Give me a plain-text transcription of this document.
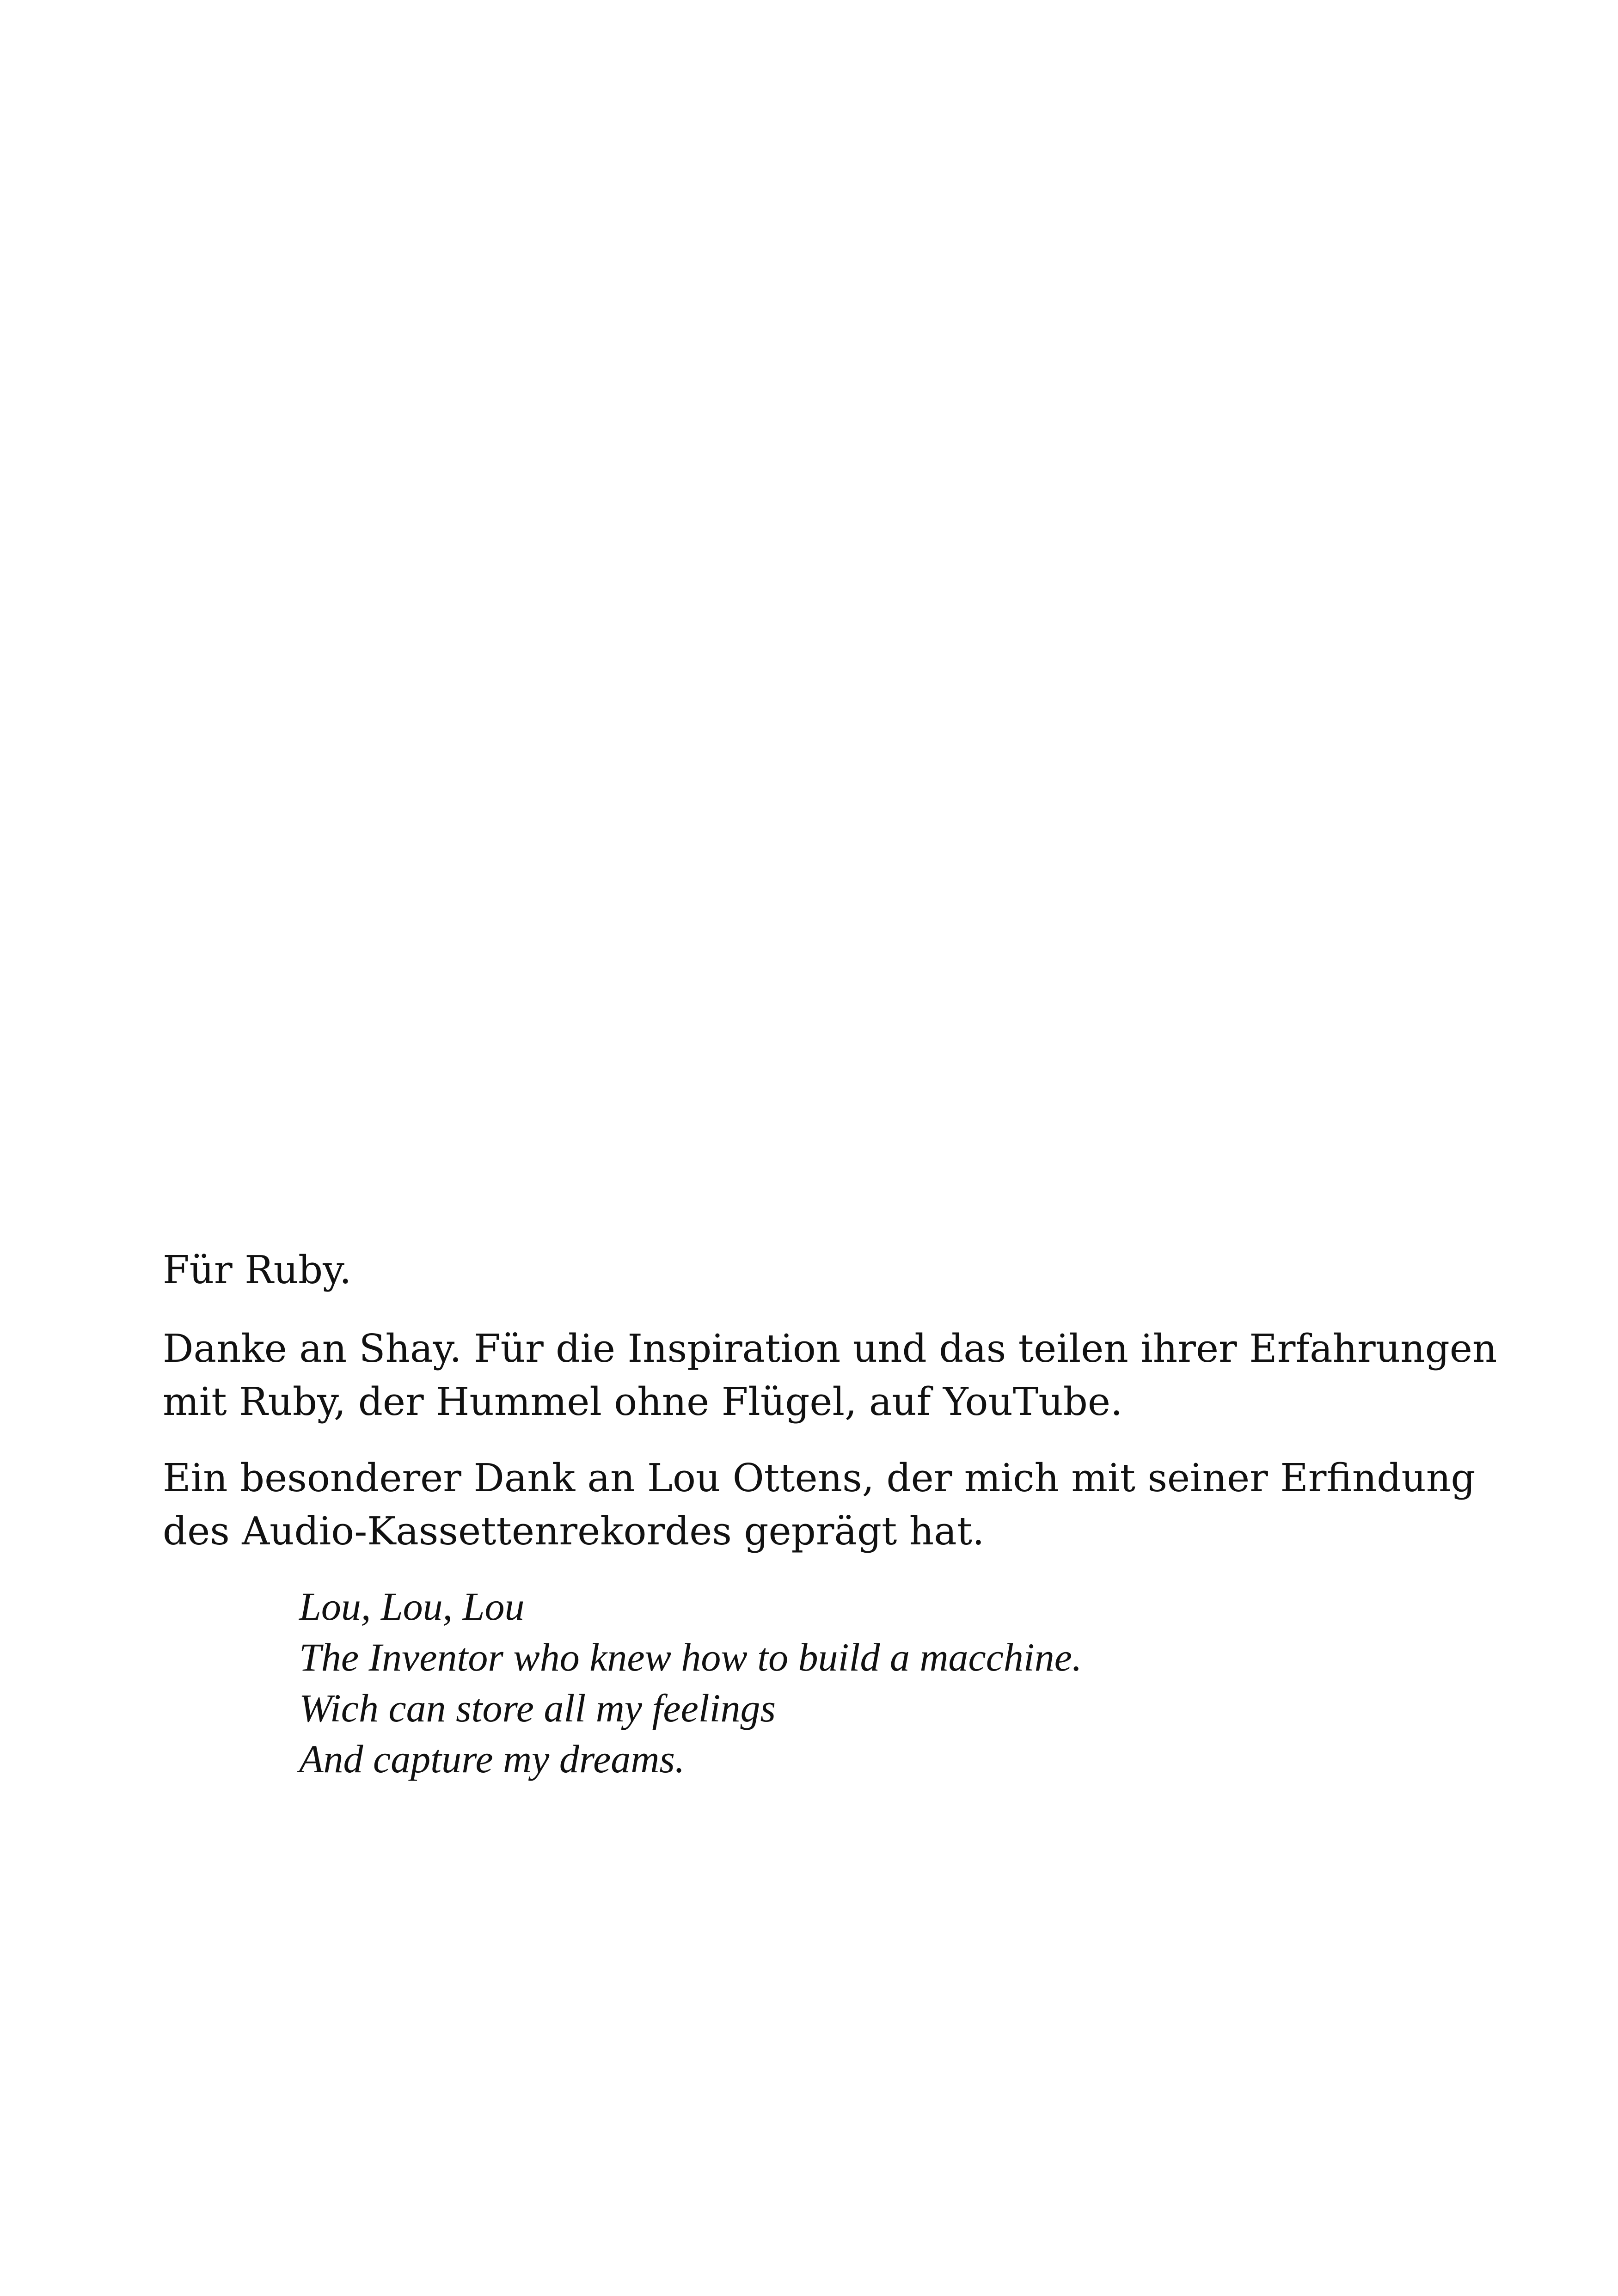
Für Ruby.

Danke an Shay. Für die Inspiration und das teilen ihrer Erfahrungen
mit Ruby, der Hummel ohne Flügel, auf YouTube.

Ein besonderer Dank an Lou Ottens, der mich mit seiner Erfindung
des Audio-Kassettenrekordes geprägt hat.

Lou, Lou, Lou
The Inventor who knew how to build a macchine.
Wich can store all my feelings
And capture my dreams.
